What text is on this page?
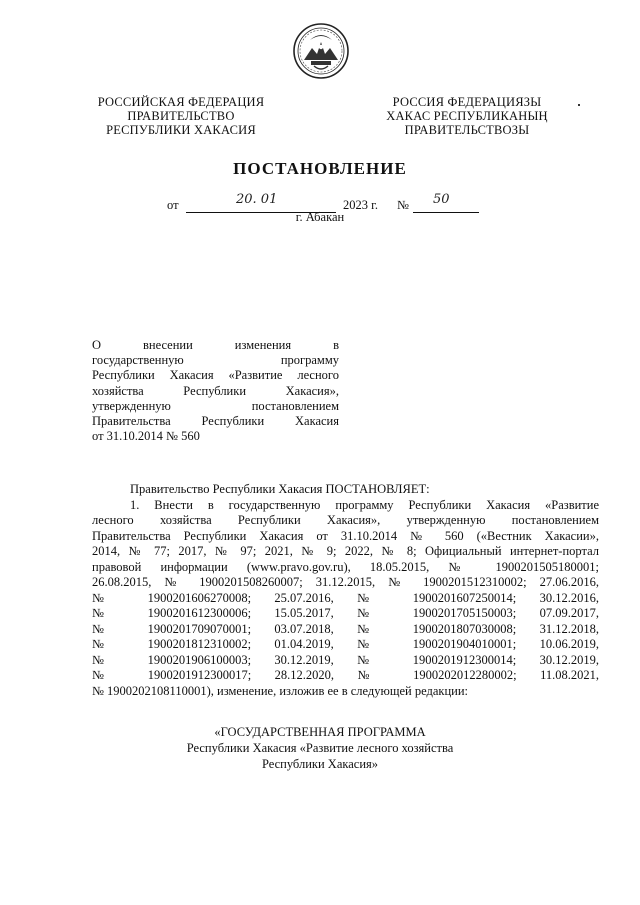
РОССИЙСКАЯ ФЕДЕРАЦИЯ
ПРАВИТЕЛЬСТВО
РЕСПУБЛИКИ ХАКАСИЯ
РОССИЯ ФЕДЕРАЦИЯЗЫ
ХАКАС РЕСПУБЛИКАНЫҢ
ПРАВИТЕЛЬСТВОЗЫ
ПОСТАНОВЛЕНИЕ
от	20. 01	2023 г. № 50
г. Абакан
О внесении изменения в
государственную программу
Республики Хакасия «Развитие лесного
хозяйства Республики Хакасия»,
утвержденную постановлением
Правительства Республики Хакасия
от 31.10.2014 № 560
Правительство Республики Хакасия ПОСТАНОВЛЯЕТ:
1. Внести в государственную программу Республики Хакасия «Развитие
лесного хозяйства Республики Хакасия», утвержденную постановлением
Правительства Республики Хакасия от 31.10.2014 № 560 («Вестник Хакасии»,
2014, № 77; 2017, № 97; 2021, № 9; 2022, № 8; Официальный интернет-портал
правовой информации (www.pravo.gov.ru), 18.05.2015, № 1900201505180001;
26.08.2015, № 1900201508260007; 31.12.2015, № 1900201512310002; 27.06.2016,
№ 1900201606270008; 25.07.2016, № 1900201607250014; 30.12.2016,
№ 1900201612300006; 15.05.2017, № 1900201705150003; 07.09.2017,
№ 1900201709070001; 03.07.2018, № 1900201807030008; 31.12.2018,
№ 1900201812310002; 01.04.2019, № 1900201904010001; 10.06.2019,
№ 1900201906100003; 30.12.2019, № 1900201912300014; 30.12.2019,
№ 1900201912300017; 28.12.2020, № 1900202012280002; 11.08.2021,
№ 1900202108110001), изменение, изложив ее в следующей редакции:
«ГОСУДАРСТВЕННАЯ ПРОГРАММА
Республики Хакасия «Развитие лесного хозяйства
Республики Хакасия»
